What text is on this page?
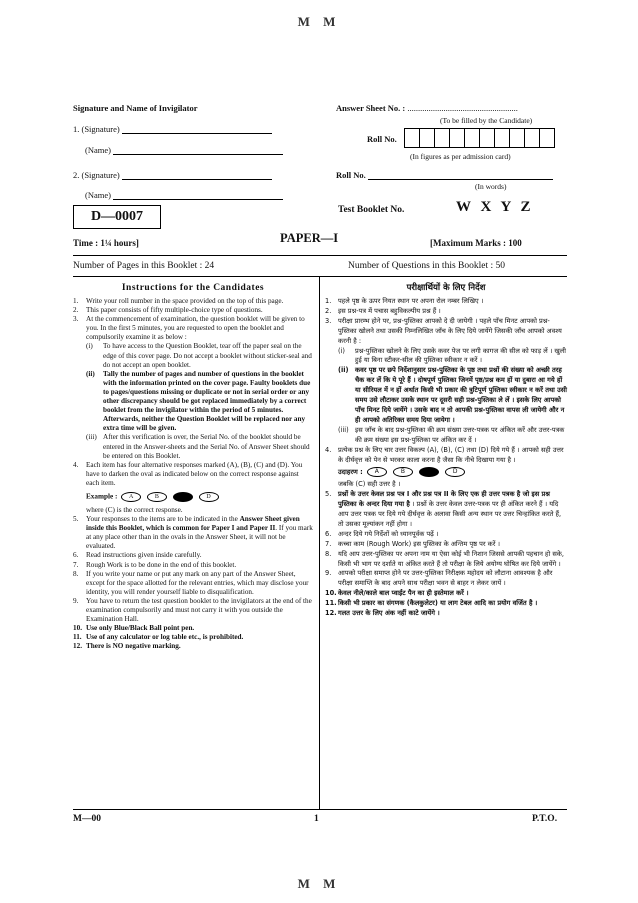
M M
Signature and Name of Invigilator
1. (Signature)
(Name)
2. (Signature)
(Name)
Answer Sheet No. : ....................................................
(To be filled by the Candidate)
Roll No.
(In figures as per admission card)
Roll No.
(In words)
Test Booklet No.	W X Y Z
D—0007
Time : 1¼ hours]	PAPER—I	[Maximum Marks : 100
Number of Pages in this Booklet : 24	Number of Questions in this Booklet : 50

Instructions for the Candidates

1. Write your roll number in the space provided on the top of this page.

2. This paper consists of fifty multiple-choice type of questions.

3. At the commencement of examination, the question booklet will be given to you. In the first 5 minutes, you are requested to open the booklet and compulsorily examine it as below :

(i) To have access to the Question Booklet, tear off the paper seal on the edge of this cover page. Do not accept a booklet without sticker-seal and do not accept an open booklet.

(ii) Tally the number of pages and number of questions in the booklet with the information printed on the cover page. Faulty booklets due to pages/questions missing or duplicate or not in serial order or any other discrepancy should be got replaced immediately by a correct booklet from the invigilator within the period of 5 minutes. Afterwards, neither the Question Booklet will be replaced nor any extra time will be given.

(iii) After this verification is over, the Serial No. of the booklet should be entered in the Answer-sheets and the Serial No. of Answer Sheet should be entered on this Booklet.

4. Each item has four alternative responses marked (A), (B), (C) and (D). You have to darken the oval as indicated below on the correct response against each item.

Example : A	B	C	D

where (C) is the correct response.

5. Your responses to the items are to be indicated in the Answer Sheet given inside this Booklet, which is common for Paper I and Paper II. If you mark at any place other than in the ovals in the Answer Sheet, it will not be evaluated.

6. Read instructions given inside carefully.

7. Rough Work is to be done in the end of this booklet.

8. If you write your name or put any mark on any part of the Answer Sheet, except for the space allotted for the relevant entries, which may disclose your identity, you will render yourself liable to disqualification.

9. You have to return the test question booklet to the invigilators at the end of the examination compulsorily and must not carry it with you outside the Examination Hall.

10. Use only Blue/Black Ball point pen.

11. Use of any calculator or log table etc., is prohibited.

12. There is NO negative marking.

परीक्षार्थियों के लिए निर्देश

1. पहले पृष्ठ के ऊपर नियत स्थान पर अपना रोल नम्बर लिखिए ।

2. इस प्रश्न-पत्र में पचास बहुविकल्पीय प्रश्न हैं ।

3. परीक्षा प्रारम्भ होने पर, प्रश्न-पुस्तिका आपको दे दी जायेगी । पहले पाँच मिनट आपको प्रश्न-पुस्तिका खोलने तथा उसकी निम्नलिखित जाँच के लिए दिये जायेंगे जिसकी जाँच आपको अवश्य करनी है :

(i) प्रश्न-पुस्तिका खोलने के लिए उसके कवर पेज पर लगी कागज की सील को फाड़ लें । खुली हुई या बिना स्टीकर-सील की पुस्तिका स्वीकार न करें ।

(ii) कवर पृष्ठ पर छपे निर्देशानुसार प्रश्न-पुस्तिका के पृष्ठ तथा प्रश्नों की संख्या को अच्छी तरह चैक कर लें कि ये पूरे हैं । दोषपूर्ण पुस्तिका जिनमें पृष्ठ/प्रश्न कम हों या दुबारा आ गये हों या सीरियल में न हों अर्थात किसी भी प्रकार की त्रुटिपूर्ण पुस्तिका स्वीकार न करें तथा उसी समय उसे लौटाकर उसके स्थान पर दूसरी सही प्रश्न-पुस्तिका ले लें । इसके लिए आपको पाँच मिनट दिये जायेंगे । उसके बाद न तो आपकी प्रश्न-पुस्तिका वापस ली जायेगी और न ही आपको अतिरिक्त समय दिया जायेगा ।

(iii) इस जाँच के बाद प्रश्न-पुस्तिका की क्रम संख्या उत्तर-पत्रक पर अंकित करें और उत्तर-पत्रक की क्रम संख्या इस प्रश्न-पुस्तिका पर अंकित कर दें ।

4. प्रत्येक प्रश्न के लिए चार उत्तर विकल्प (A), (B), (C) तथा (D) दिये गये हैं । आपको सही उत्तर के दीर्घवृत्त को पेन से भरकर काला करना है जैसा कि नीचे दिखाया गया है ।

उदाहरण : A	B	C	D

जबकि (C) सही उत्तर है ।

5. प्रश्नों के उत्तर केवल प्रश्न पत्र I और प्रश्न पत्र II के लिए एक ही उत्तर पत्रक है जो इस प्रश्न पुस्तिका के अन्दर दिया गया है । प्रश्नों के उत्तर केवल उत्तर-पत्रक पर ही अंकित करने हैं । यदि आप उत्तर पत्रक पर दिये गये दीर्घवृत्त के अलावा किसी अन्य स्थान पर उत्तर चिन्हांकित करते हैं, तो उसका मूल्यांकन नहीं होगा ।

6. अन्दर दिये गये निर्देशों को ध्यानपूर्वक पढ़ें ।

7. कच्चा काम (Rough Work) इस पुस्तिका के अन्तिम पृष्ठ पर करें ।

8. यदि आप उत्तर-पुस्तिका पर अपना नाम या ऐसा कोई भी निशान जिससे आपकी पहचान हो सके, किसी भी भाग पर दर्शाते या अंकित करते हैं तो परीक्षा के लिये अयोग्य घोषित कर दिये जायेंगे ।

9. आपको परीक्षा समाप्त होने पर उत्तर-पुस्तिका निरीक्षक महोदय को लौटाना आवश्यक है और परीक्षा समाप्ति के बाद अपने साथ परीक्षा भवन से बाहर न लेकर जायें ।

10. केवल नीले/काले बाल प्वाईंट पैन का ही इस्तेमाल करें ।

11. किसी भी प्रकार का संगणक (कैलकुलेटर) या लाग टेबल आदि का प्रयोग वर्जित है ।

12. गलत उत्तर के लिए अंक नहीं काटे जायेंगे ।

M—00	1	P.T.O.
M M
